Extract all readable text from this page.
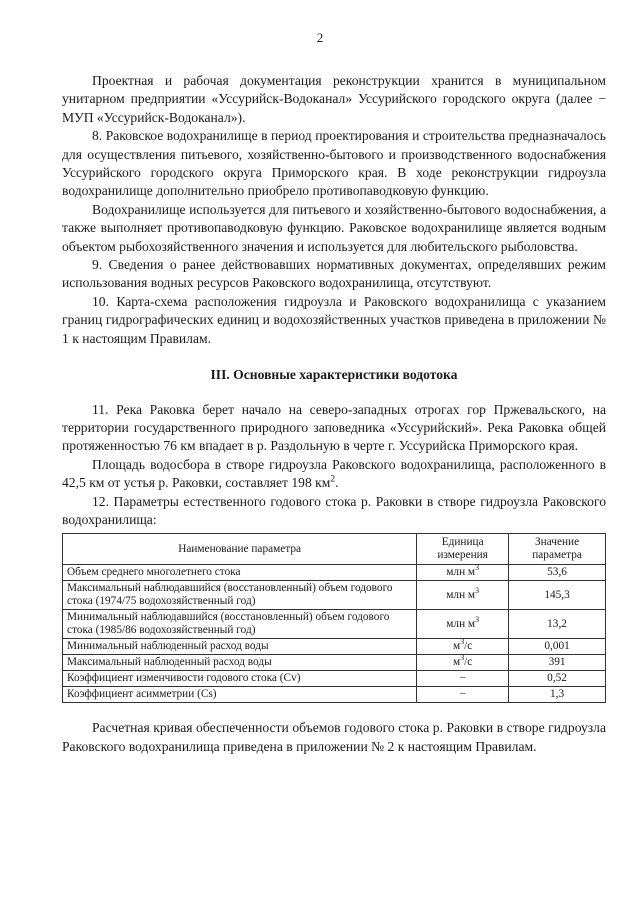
2

Проектная и рабочая документация реконструкции хранится в муниципальном унитарном предприятии «Уссурийск-Водоканал» Уссурийского городского округа (далее − МУП «Уссурийск-Водоканал»).

8. Раковское водохранилище в период проектирования и строительства предназначалось для осуществления питьевого, хозяйственно-бытового и производственного водоснабжения Уссурийского городского округа Приморского края. В ходе реконструкции гидроузла водохранилище дополнительно приобрело противопаводковую функцию.

Водохранилище используется для питьевого и хозяйственно-бытового водоснабжения, а также выполняет противопаводковую функцию. Раковское водохранилище является водным объектом рыбохозяйственного значения и используется для любительского рыболовства.

9. Сведения о ранее действовавших нормативных документах, определявших режим использования водных ресурсов Раковского водохранилища, отсутствуют.

10. Карта-схема расположения гидроузла и Раковского водохранилища с указанием границ гидрографических единиц и водохозяйственных участков приведена в приложении № 1 к настоящим Правилам.

III. Основные характеристики водотока

11. Река Раковка берет начало на северо-западных отрогах гор Пржевальского, на территории государственного природного заповедника «Уссурийский». Река Раковка общей протяженностью 76 км впадает в р. Раздольную в черте г. Уссурийска Приморского края.

Площадь водосбора в створе гидроузла Раковского водохранилища, расположенного в 42,5 км от устья р. Раковки, составляет 198 $км^2$.

12. Параметры естественного годового стока р. Раковки в створе гидроузла Раковского водохранилища:

Наименование параметра	Единица измерения	Значение параметра
Объем среднего многолетнего стока	млн $м^3$	53,6
Максимальный наблюдавшийся (восстановленный) объем годового стока (1974/75 водохозяйственный год)	млн $м^3$	145,3
Минимальный наблюдавшийся (восстановленный) объем годового стока (1985/86 водохозяйственный год)	млн $м^3$	13,2
Минимальный наблюденный расход воды	$м^3/с$	0,001
Максимальный наблюденный расход воды	$м^3/с$	391
Коэффициент изменчивости годового стока (Cv)	−	0,52
Коэффициент асимметрии (Cs)	−	1,3

Расчетная кривая обеспеченности объемов годового стока р. Раковки в створе гидроузла Раковского водохранилища приведена в приложении № 2 к настоящим Правилам.
